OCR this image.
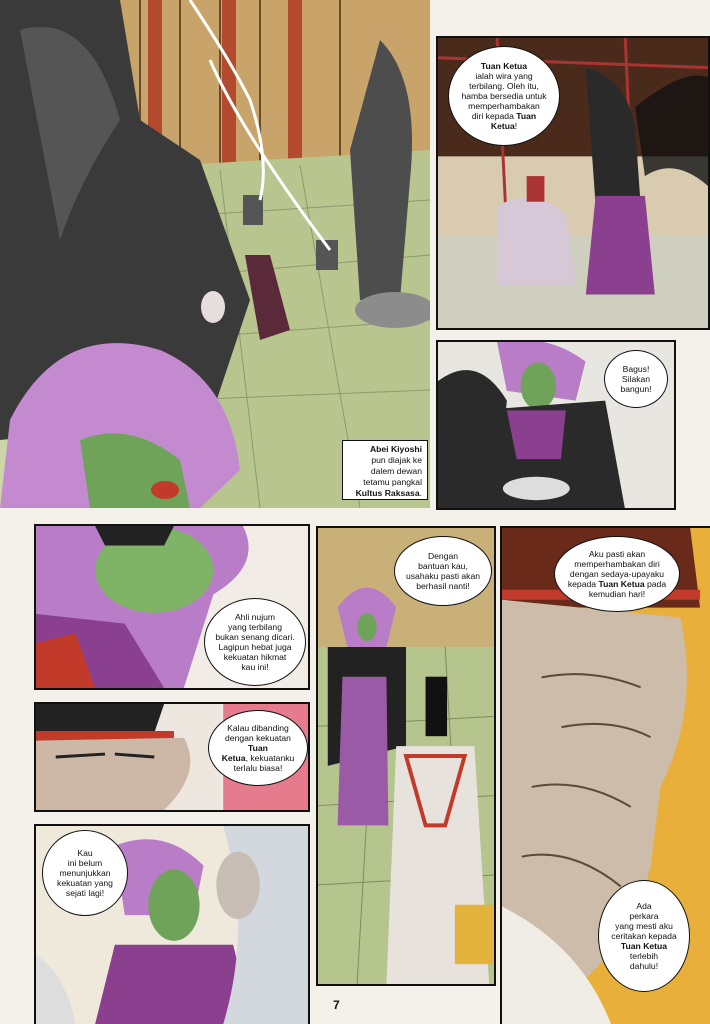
Abei Kiyoshi
pun diajak ke
dalem dewan
tetamu pangkal
Kultus Raksasa.
Tuan Ketua
ialah wira yang
terbilang. Oleh itu,
hamba bersedia untuk
memperhambakan
diri kepada Tuan
Ketua!
Bagus!
Silakan
bangun!
Ahli nujum
yang terbilang
bukan senang dicari.
Lagipun hebat juga
kekuatan hikmat
kau ini!
Kalau dibanding
dengan kekuatan
Tuan
Ketua, kekuatanku
terlalu biasa!
Kau
ini belum
menunjukkan
kekuatan yang
sejati lagi!
Dengan
bantuan kau,
usahaku pasti akan
berhasil nanti!
Aku pasti akan
memperhambakan diri
dengan sedaya-upayaku
kepada Tuan Ketua pada
kemudian hari!
Ada
perkara
yang mesti aku
ceritakan kepada
Tuan Ketua
terlebih
dahulu!
7
